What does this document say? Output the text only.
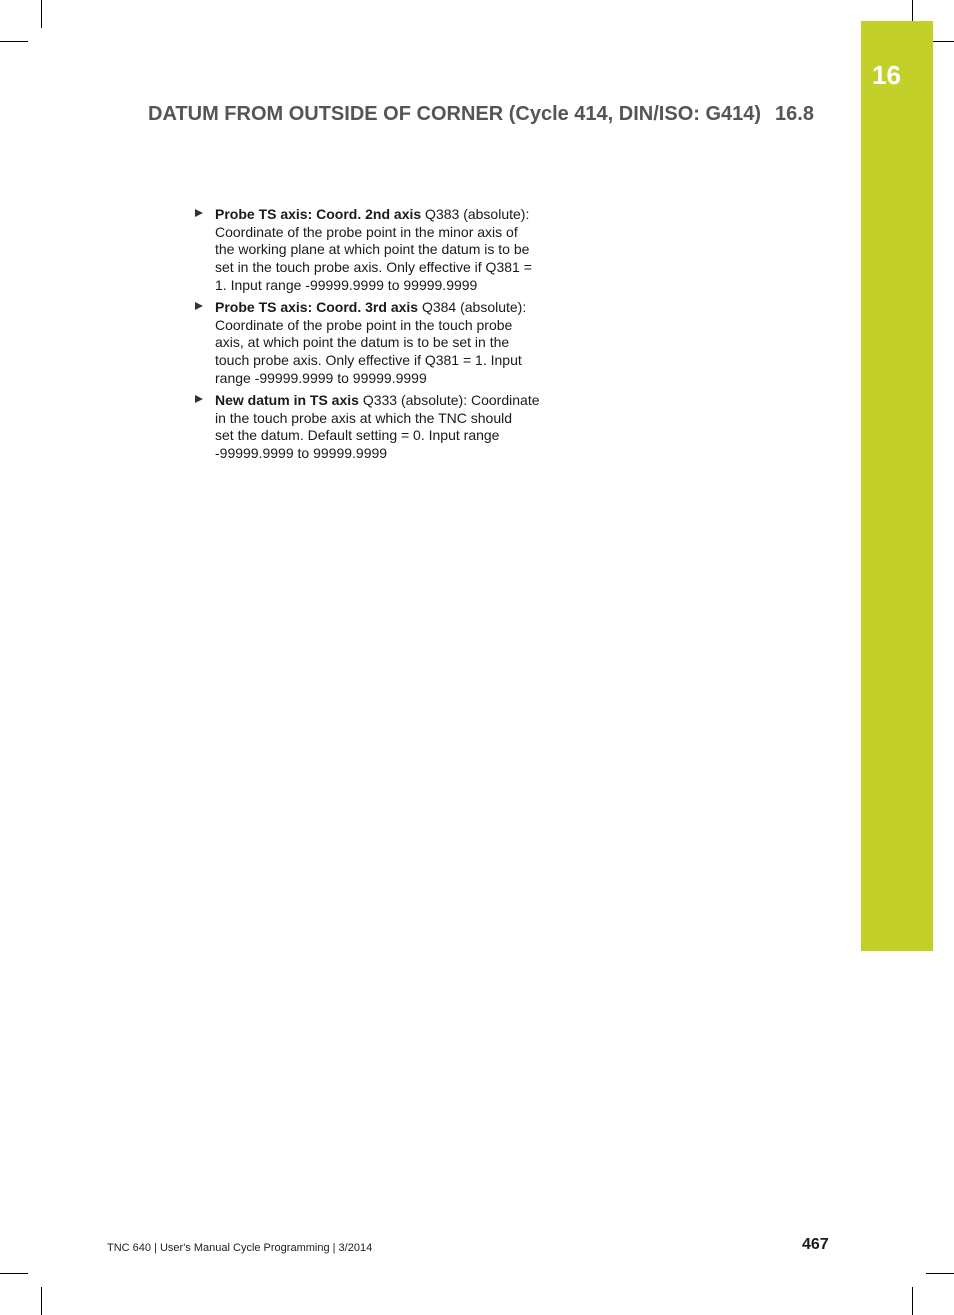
16
DATUM FROM OUTSIDE OF CORNER (Cycle 414, DIN/ISO: G414) 16.8
Probe TS axis: Coord. 2nd axis Q383 (absolute):
Coordinate of the probe point in the minor axis of
the working plane at which point the datum is to be
set in the touch probe axis. Only effective if Q381 =
1. Input range -99999.9999 to 99999.9999
Probe TS axis: Coord. 3rd axis Q384 (absolute):
Coordinate of the probe point in the touch probe
axis, at which point the datum is to be set in the
touch probe axis. Only effective if Q381 = 1. Input
range -99999.9999 to 99999.9999
New datum in TS axis Q333 (absolute): Coordinate
in the touch probe axis at which the TNC should
set the datum. Default setting = 0. Input range
-99999.9999 to 99999.9999
TNC 640 | User's Manual Cycle Programming | 3/2014	467
